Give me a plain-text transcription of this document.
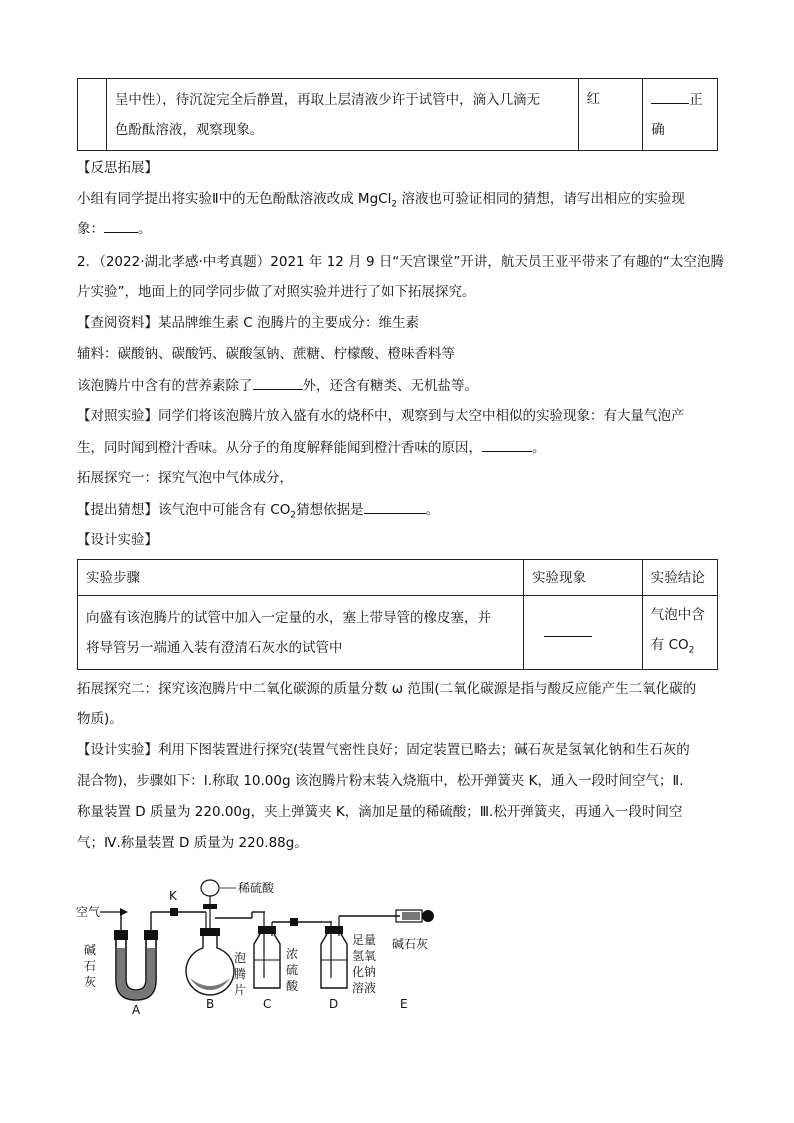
	呈中性），待沉淀完全后静置，再取上层清液少许于试管中，滴入几滴无
色酚酞溶液，观察现象。	红	正
确
【反思拓展】
小组有同学提出将实验Ⅱ中的无色酚酞溶液改成 MgCl$_2$ 溶液也可验证相同的猜想，请写出相应的实验现
象：	。
2．（2022·湖北孝感·中考真题）2021 年 12 月 9 日“天宫课堂”开讲，航天员王亚平带来了有趣的“太空泡腾
片实验”，地面上的同学同步做了对照实验并进行了如下拓展探究。
【查阅资料】某品牌维生素 C 泡腾片的主要成分：维生素
辅料：碳酸钠、碳酸钙、碳酸氢钠、蔗糖、柠檬酸、橙味香料等
该泡腾片中含有的营养素除了	外，还含有糖类、无机盐等。
【对照实验】同学们将该泡腾片放入盛有水的烧杯中，观察到与太空中相似的实验现象：有大量气泡产
生，同时闻到橙汁香味。从分子的角度解释能闻到橙汁香味的原因，	。
拓展探究一：探究气泡中气体成分，
【提出猜想】该气泡中可能含有 $CO_2$猜想依据是	。
【设计实验】
实验步骤	实验现象	实验结论
向盛有该泡腾片的试管中加入一定量的水，塞上带导管的橡皮塞，并
将导管另一端通入装有澄清石灰水的试管中		气泡中含
有 $CO_2$
拓展探究二：探究该泡腾片中二氧化碳源的质量分数 ω 范围(二氧化碳源是指与酸反应能产生二氧化碳的
物质)。
【设计实验】利用下图装置进行探究(装置气密性良好；固定装置已略去；碱石灰是氢氧化钠和生石灰的
混合物)，步骤如下：Ⅰ.称取 10.00g 该泡腾片粉末装入烧瓶中，松开弹簧夹 K，通入一段时间空气；Ⅱ.
称量装置 D 质量为 220.00g，夹上弹簧夹 K，滴加足量的稀硫酸；Ⅲ.松开弹簧夹，再通入一段时间空
气；Ⅳ.称量装置 D 质量为 220.88g。
空气
碱
石
灰
K
稀硫酸
泡
腾
片
浓
硫
酸
足量
氢氧
化钠
溶液
碱石灰
A	B	C	D	E
